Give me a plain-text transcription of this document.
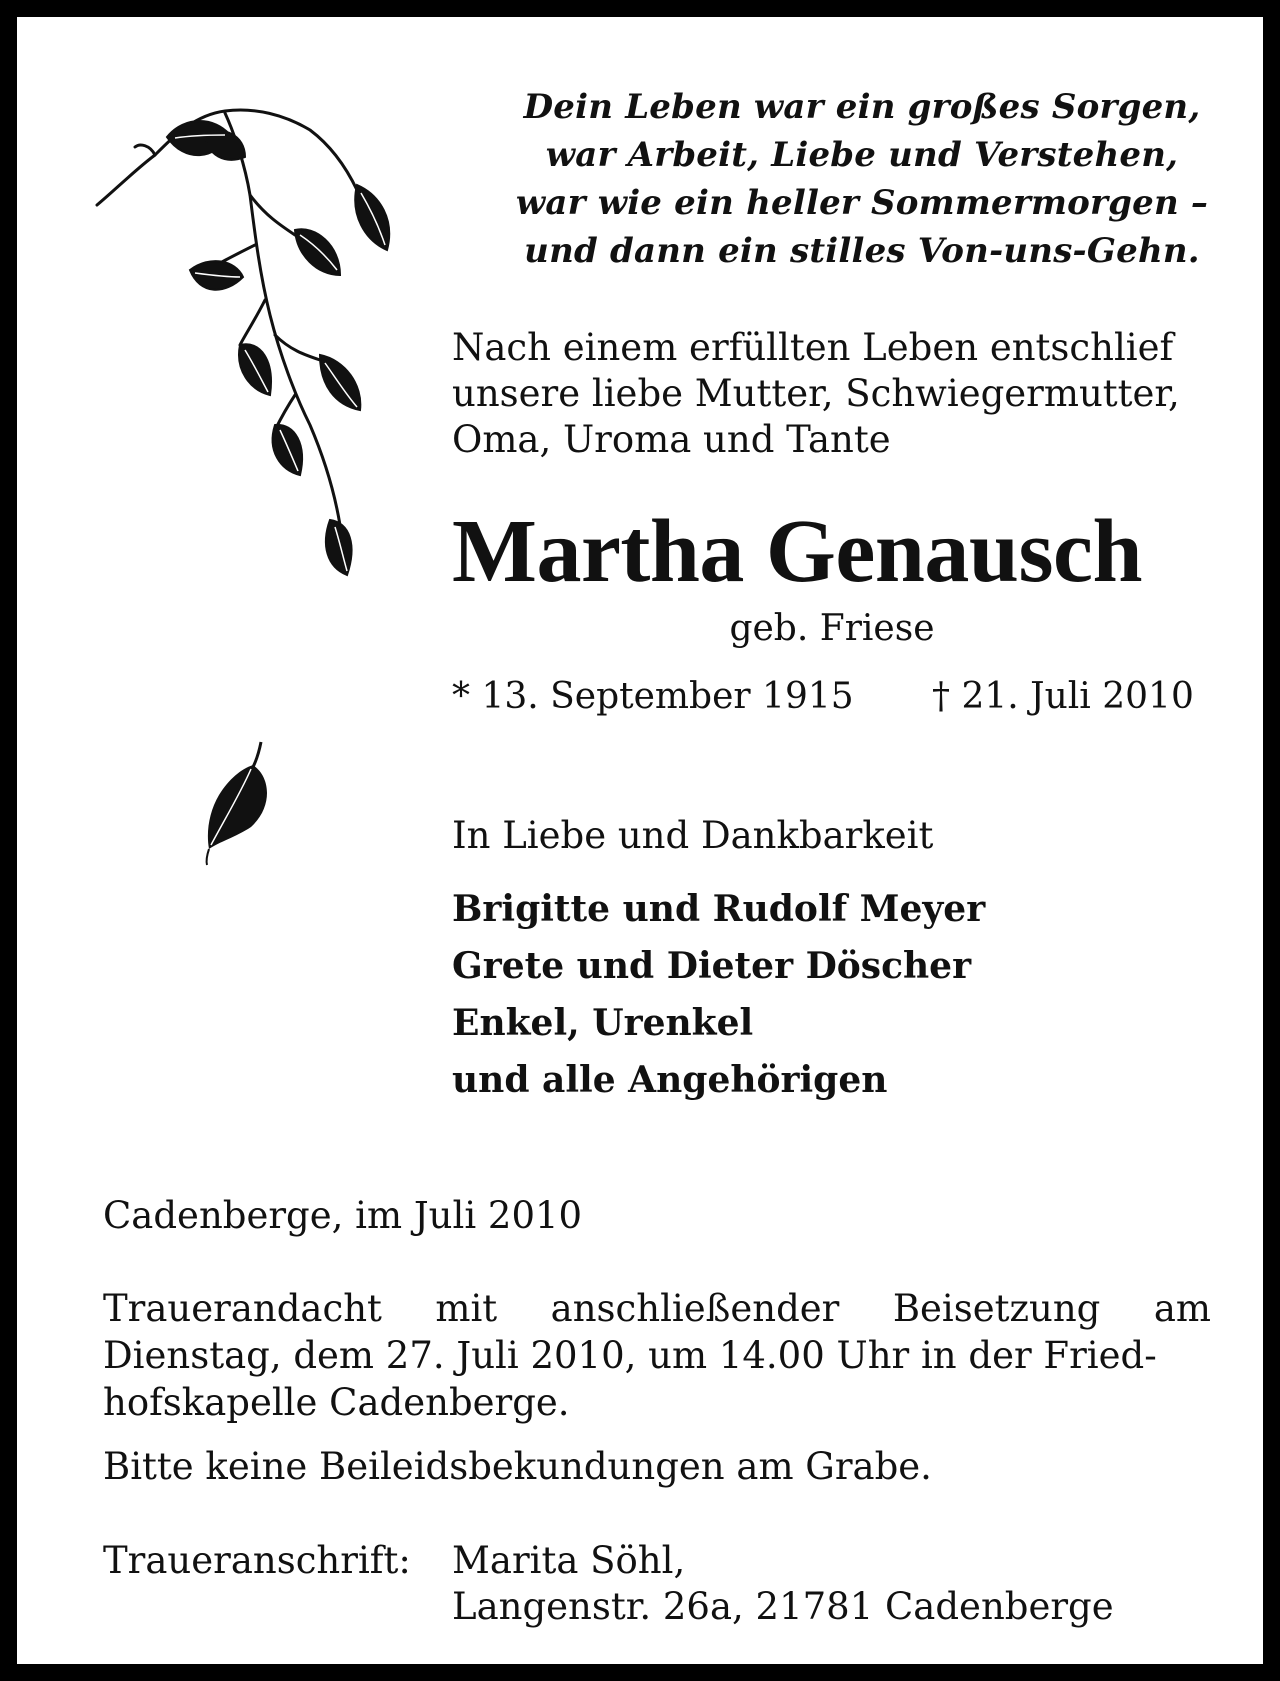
Dein Leben war ein großes Sorgen,
war Arbeit, Liebe und Verstehen,
war wie ein heller Sommermorgen –
und dann ein stilles Von-uns-Gehn.
Nach einem erfüllten Leben entschlief
unsere liebe Mutter, Schwiegermutter,
Oma, Uroma und Tante
Martha Genausch
geb. Friese
* 13. September 1915 † 21. Juli 2010
In Liebe und Dankbarkeit
Brigitte und Rudolf Meyer
Grete und Dieter Döscher
Enkel, Urenkel
und alle Angehörigen
Cadenberge, im Juli 2010
Trauerandacht mit anschließender Beisetzung am
Dienstag, dem 27. Juli 2010, um 14.00 Uhr in der Fried-
hofskapelle Cadenberge.
Bitte keine Beileidsbekundungen am Grabe.
Traueranschrift: Marita Söhl,
Langenstr. 26a, 21781 Cadenberge
